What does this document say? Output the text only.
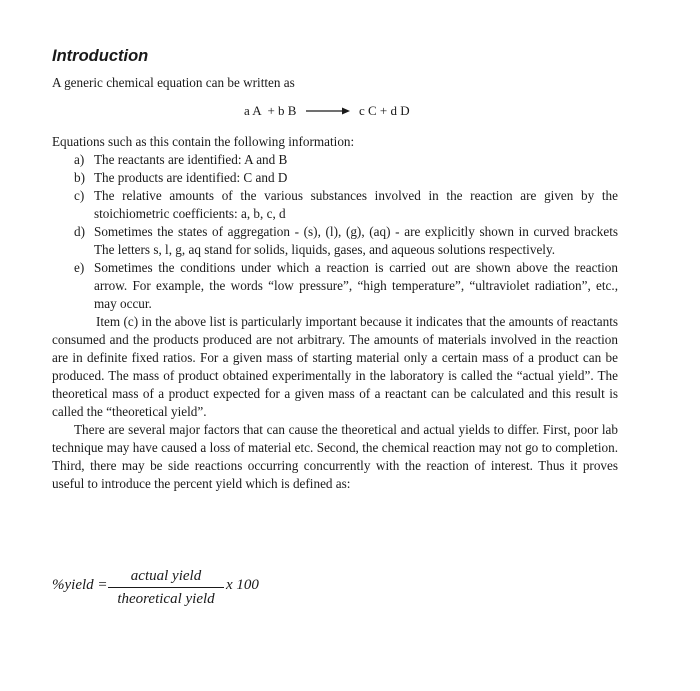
Introduction

A generic chemical equation can be written as

a A  + b B → c C + d D

Equations such as this contain the following information:

a) The reactants are identified: A and B
b) The products are identified: C and D
c) The relative amounts of the various substances involved in the reaction are given by the stoichiometric coefficients: a, b, c, d
d) Sometimes the states of aggregation - (s), (l), (g), (aq) - are explicitly shown in curved brackets The letters s, l, g, aq stand for solids, liquids, gases, and aqueous solutions respectively.
e) Sometimes the conditions under which a reaction is carried out are shown above the reaction arrow. For example, the words “low pressure”, “high temperature”, “ultraviolet radiation”, etc., may occur.

Item (c) in the above list is particularly important because it indicates that the amounts of reactants consumed and the products produced are not arbitrary. The amounts of materials involved in the reaction are in definite fixed ratios. For a given mass of starting material only a certain mass of a product can be produced. The mass of product obtained experimentally in the laboratory is called the “actual yield”. The theoretical mass of a product expected for a given mass of a reactant can be calculated and this result is called the “theoretical yield”.

There are several major factors that can cause the theoretical and actual yields to differ. First, poor lab technique may have caused a loss of material etc. Second, the chemical reaction may not go to completion. Third, there may be side reactions occurring concurrently with the reaction of interest. Thus it proves useful to introduce the percent yield which is defined as:

%yield =
actual yield
theoretical yield
x 100
